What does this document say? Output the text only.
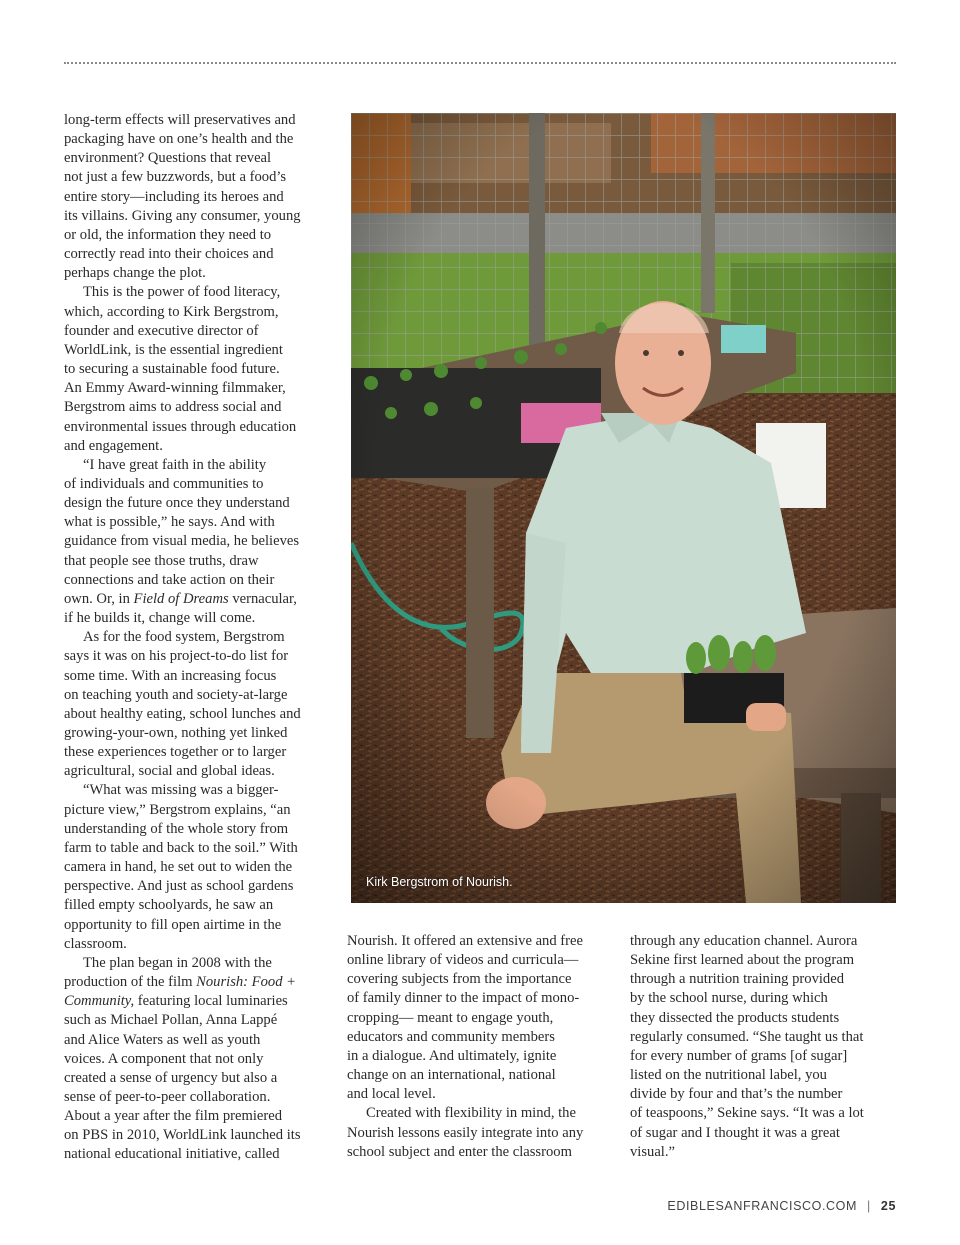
long-term effects will preservatives and
packaging have on one’s health and the
environment? Questions that reveal
not just a few buzzwords, but a food’s
entire story—including its heroes and
its villains. Giving any consumer, young
or old, the information they need to
correctly read into their choices and
perhaps change the plot.
This is the power of food literacy,
which, according to Kirk Bergstrom,
founder and executive director of
WorldLink, is the essential ingredient
to securing a sustainable food future.
An Emmy Award-winning filmmaker,
Bergstrom aims to address social and
environmental issues through education
and engagement.
“I have great faith in the ability
of individuals and communities to
design the future once they understand
what is possible,” he says. And with
guidance from visual media, he believes
that people see those truths, draw
connections and take action on their
own. Or, in Field of Dreams vernacular,
if he builds it, change will come.
As for the food system, Bergstrom
says it was on his project-to-do list for
some time. With an increasing focus
on teaching youth and society-at-large
about healthy eating, school lunches and
growing-your-own, nothing yet linked
these experiences together or to larger
agricultural, social and global ideas.
“What was missing was a bigger-
picture view,” Bergstrom explains, “an
understanding of the whole story from
farm to table and back to the soil.” With
camera in hand, he set out to widen the
perspective. And just as school gardens
filled empty schoolyards, he saw an
opportunity to fill open airtime in the
classroom.
The plan began in 2008 with the
production of the film Nourish: Food +
Community, featuring local luminaries
such as Michael Pollan, Anna Lappé
and Alice Waters as well as youth
voices. A component that not only
created a sense of urgency but also a
sense of peer-to-peer collaboration.
About a year after the film premiered
on PBS in 2010, WorldLink launched its
national educational initiative, called

Kirk Bergstrom of Nourish.

Nourish. It offered an extensive and free
online library of videos and curricula—
covering subjects from the importance
of family dinner to the impact of mono-
cropping— meant to engage youth,
educators and community members
in a dialogue. And ultimately, ignite
change on an international, national
and local level.
Created with flexibility in mind, the
Nourish lessons easily integrate into any
school subject and enter the classroom
through any education channel. Aurora
Sekine first learned about the program
through a nutrition training provided
by the school nurse, during which
they dissected the products students
regularly consumed. “She taught us that
for every number of grams [of sugar]
listed on the nutritional label, you
divide by four and that’s the number
of teaspoons,” Sekine says. “It was a lot
of sugar and I thought it was a great
visual.”

EDIBLESANFRANCISCO.COM | 25
